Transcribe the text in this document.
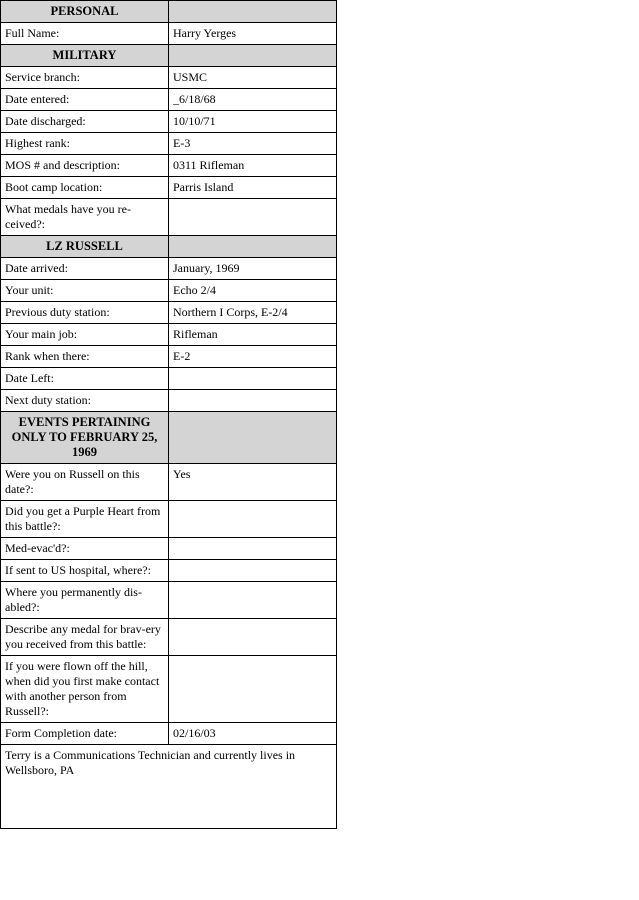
PERSONAL	
Full Name:	Harry Yerges
MILITARY	
Service branch:	USMC
Date entered:	_6/18/68
Date discharged:	10/10/71
Highest rank:	E-3
MOS # and description:	0311 Rifleman
Boot camp location:	Parris Island
What medals have you re-ceived?:	
LZ RUSSELL	
Date arrived:	January, 1969
Your unit:	Echo 2/4
Previous duty station:	Northern I Corps, E-2/4
Your main job:	Rifleman
Rank when there:	E-2
Date Left:	
Next duty station:	
EVENTS PERTAINING ONLY TO FEBRUARY 25, 1969	
Were you on Russell on this date?:	Yes
Did you get a Purple Heart from this battle?:	
Med-evac'd?:	
If sent to US hospital, where?:	
Where you permanently dis-abled?:	
Describe any medal for brav-ery you received from this battle:	
If you were flown off the hill, when did you first make contact with another person from Russell?:	
Form Completion date:	02/16/03
Terry is a Communications Technician and currently lives in Wellsboro, PA	
